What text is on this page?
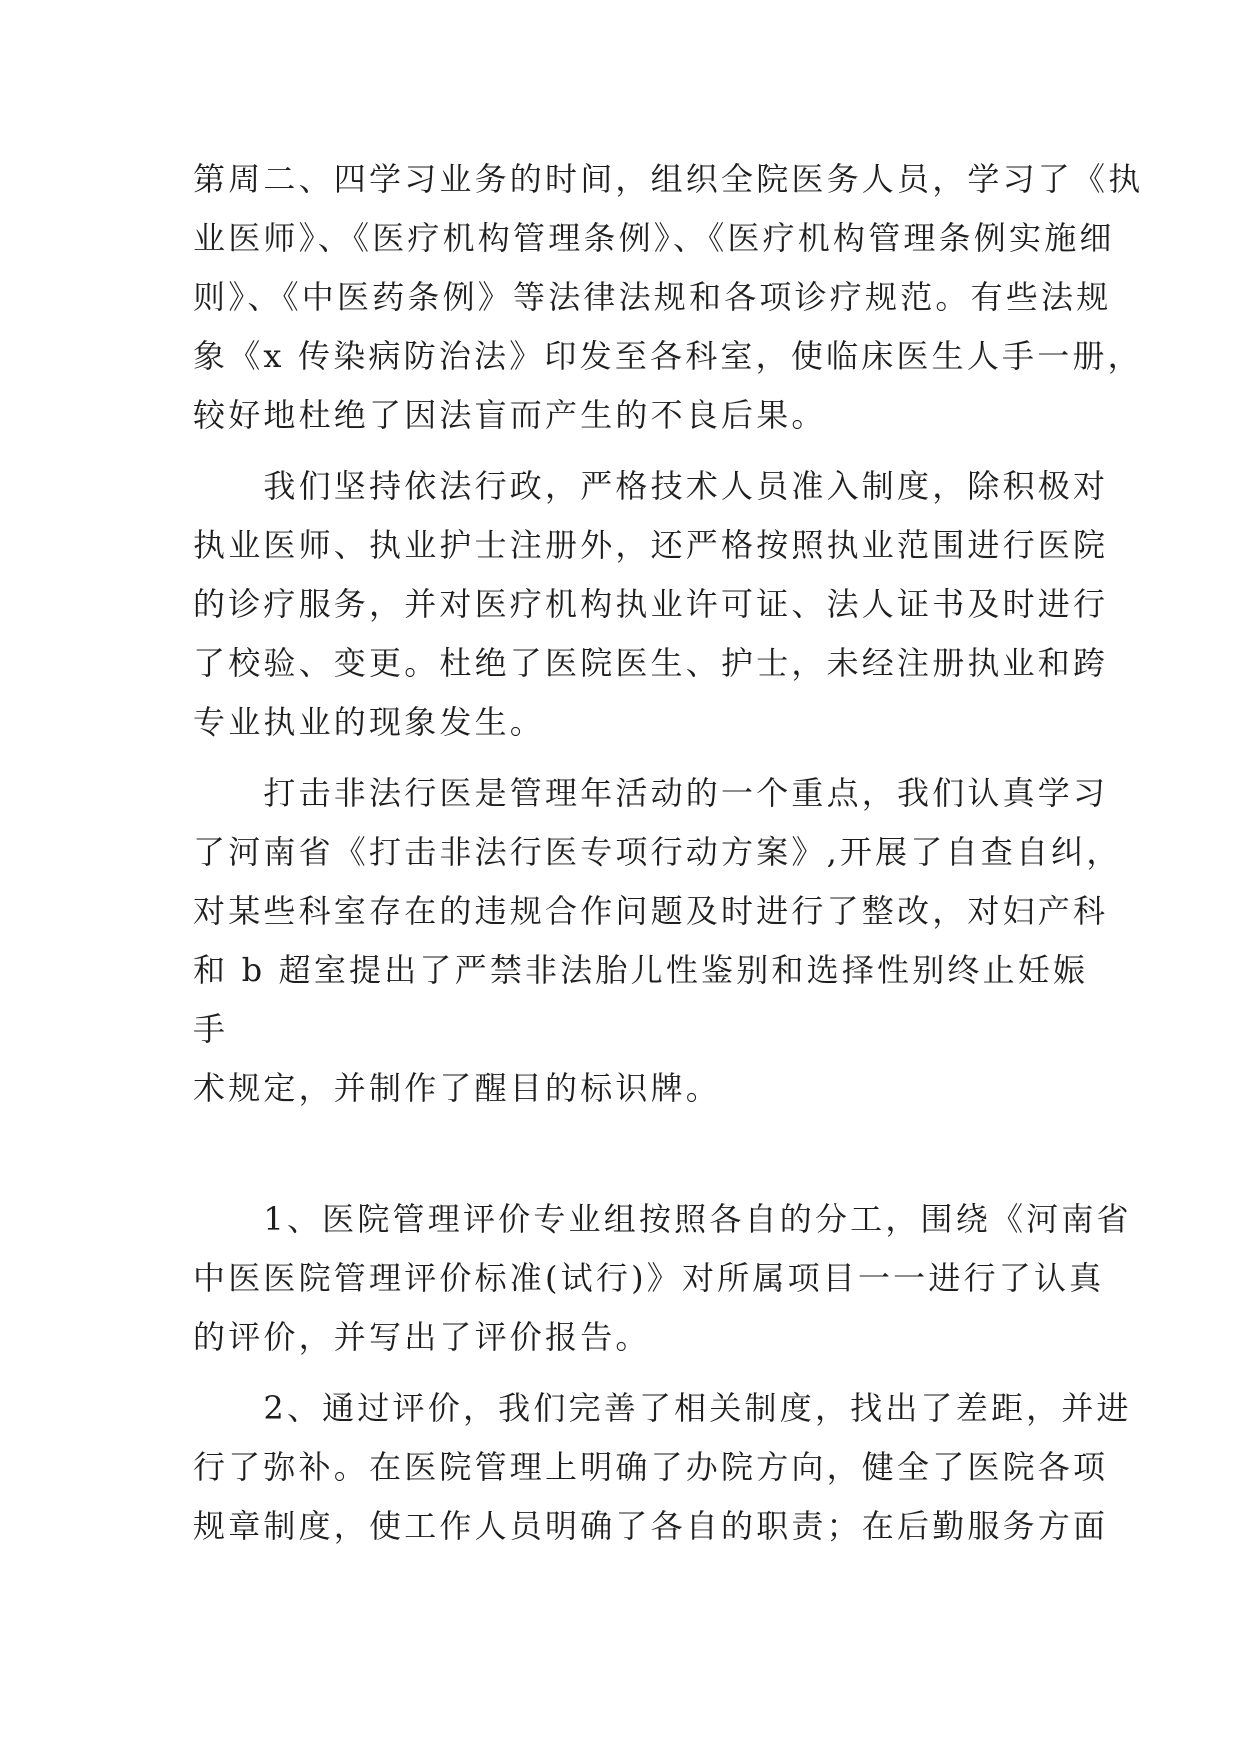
第周二、四学习业务的时间，组织全院医务人员，学习了《执
业医师》、《医疗机构管理条例》、《医疗机构管理条例实施细
则》、《中医药条例》等法律法规和各项诊疗规范。有些法规
象《x 传染病防治法》印发至各科室，使临床医生人手一册，
较好地杜绝了因法盲而产生的不良后果。
　　我们坚持依法行政，严格技术人员准入制度，除积极对
执业医师、执业护士注册外，还严格按照执业范围进行医院
的诊疗服务，并对医疗机构执业许可证、法人证书及时进行
了校验、变更。杜绝了医院医生、护士，未经注册执业和跨
专业执业的现象发生。
　　打击非法行医是管理年活动的一个重点，我们认真学习
了河南省《打击非法行医专项行动方案》,开展了自查自纠，
对某些科室存在的违规合作问题及时进行了整改，对妇产科
和 b 超室提出了严禁非法胎儿性鉴别和选择性别终止妊娠
手
术规定，并制作了醒目的标识牌。
　　1、医院管理评价专业组按照各自的分工，围绕《河南省
中医医院管理评价标准(试行)》对所属项目一一进行了认真
的评价，并写出了评价报告。
　　2、通过评价，我们完善了相关制度，找出了差距，并进
行了弥补。在医院管理上明确了办院方向，健全了医院各项
规章制度，使工作人员明确了各自的职责；在后勤服务方面
